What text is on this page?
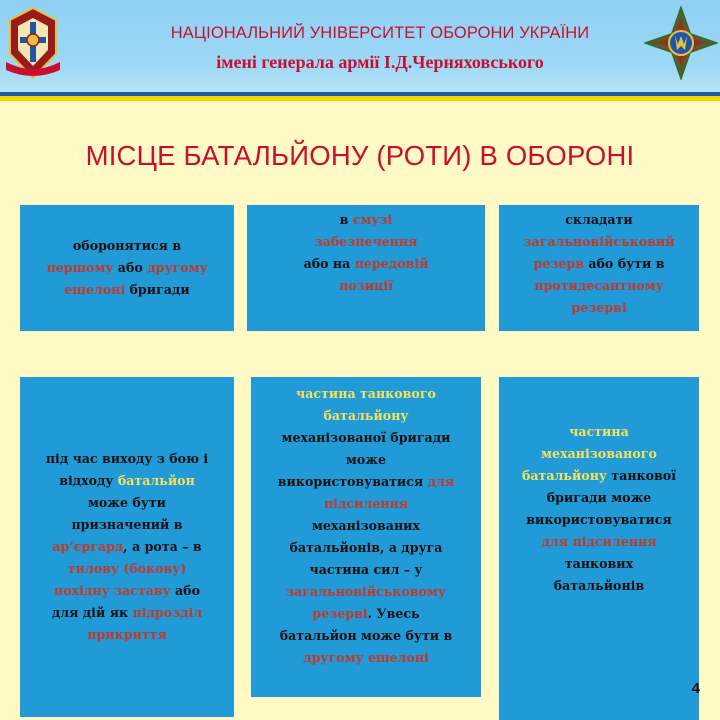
НАЦІОНАЛЬНИЙ УНІВЕРСИТЕТ ОБОРОНИ УКРАЇНИ
імені генерала армії І.Д.Черняховського
МІСЦЕ БАТАЛЬЙОНУ (РОТИ) В ОБОРОНІ
оборонятися в
першому або другому
ешелоні бригади
в смузі
забезпечення
або на передовій
позиції
складати
загальновійськовий
резерв або бути в
протидесантному
резерві
під час виходу з бою і
відходу батальйон
може бути
призначений в
ар’єргард, а рота – в
тилову (бокову)
похідну заставу або
для дій як підрозділ
прикриття
частина танкового
батальйону
механізованої бригади
може
використовуватися для
підсилення
механізованих
батальйонів, а друга
частина сил – у
загальновійськовому
резерві. Увесь
батальйон може бути в
другому ешелоні
частина
механізованого
батальйону танкової
бригади може
використовуватися
для підсилення
танкових
батальйонів
4
